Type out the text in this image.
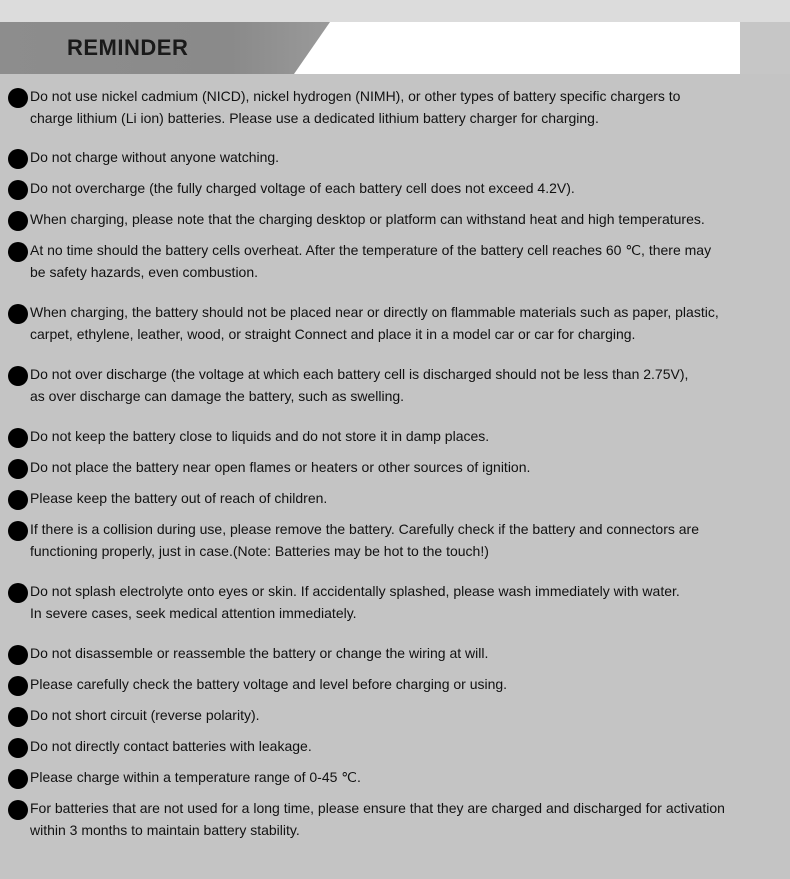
REMINDER
Do not use nickel cadmium (NICD), nickel hydrogen (NIMH), or other types of battery specific chargers to
charge lithium (Li ion) batteries. Please use a dedicated lithium battery charger for charging.
Do not charge without anyone watching.
Do not overcharge (the fully charged voltage of each battery cell does not exceed 4.2V).
When charging, please note that the charging desktop or platform can withstand heat and high temperatures.
At no time should the battery cells overheat. After the temperature of the battery cell reaches 60 ℃, there may
be safety hazards, even combustion.
When charging, the battery should not be placed near or directly on flammable materials such as paper, plastic,
carpet, ethylene, leather, wood, or straight Connect and place it in a model car or car for charging.
Do not over discharge (the voltage at which each battery cell is discharged should not be less than 2.75V),
as over discharge can damage the battery, such as swelling.
Do not keep the battery close to liquids and do not store it in damp places.
Do not place the battery near open flames or heaters or other sources of ignition.
Please keep the battery out of reach of children.
If there is a collision during use, please remove the battery. Carefully check if the battery and connectors are
functioning properly, just in case.(Note: Batteries may be hot to the touch!)
Do not splash electrolyte onto eyes or skin. If accidentally splashed, please wash immediately with water.
In severe cases, seek medical attention immediately.
Do not disassemble or reassemble the battery or change the wiring at will.
Please carefully check the battery voltage and level before charging or using.
Do not short circuit (reverse polarity).
Do not directly contact batteries with leakage.
Please charge within a temperature range of 0-45 ℃.
For batteries that are not used for a long time, please ensure that they are charged and discharged for activation
within 3 months to maintain battery stability.
